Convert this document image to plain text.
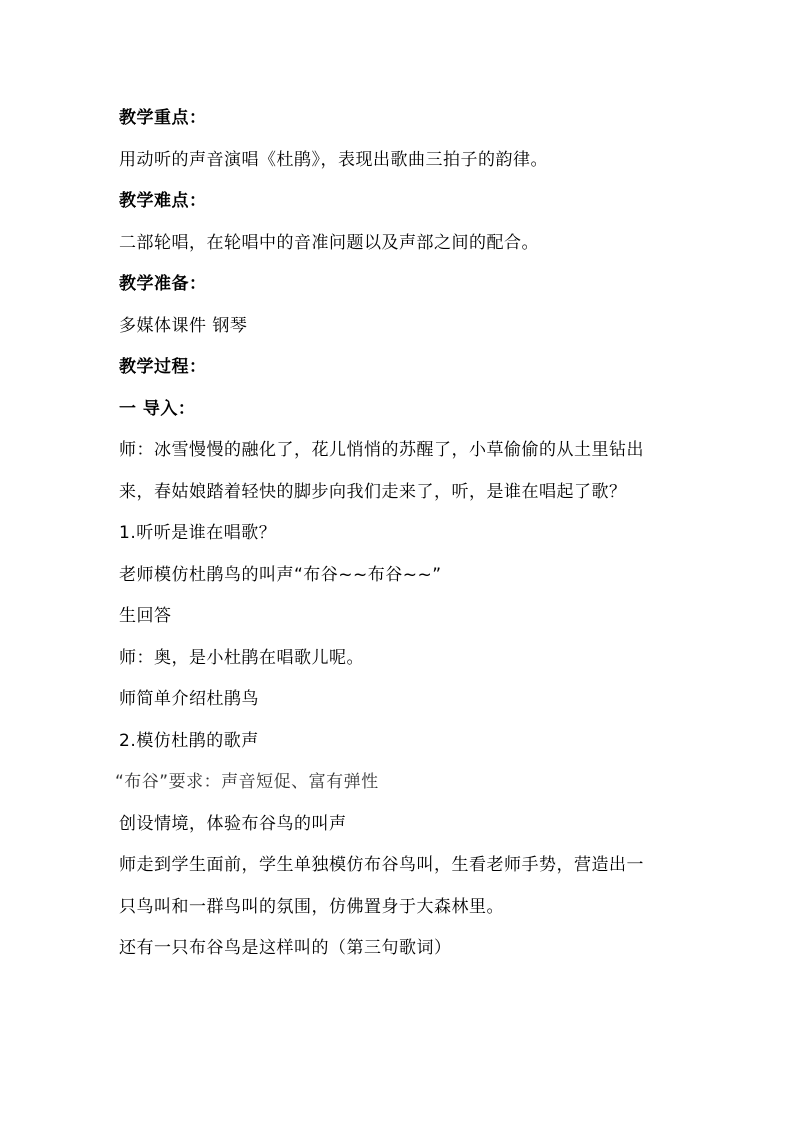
教学重点：
用动听的声音演唱《杜鹃》，表现出歌曲三拍子的韵律。
教学难点：
二部轮唱，在轮唱中的音准问题以及声部之间的配合。
教学准备：
多媒体课件 钢琴
教学过程：
一 导入：
师：冰雪慢慢的融化了，花儿悄悄的苏醒了，小草偷偷的从土里钻出
来，春姑娘踏着轻快的脚步向我们走来了，听，是谁在唱起了歌？
1.听听是谁在唱歌？
老师模仿杜鹃鸟的叫声“布谷~~布谷~~”
生回答
师：奥，是小杜鹃在唱歌儿呢。
师简单介绍杜鹃鸟
2.模仿杜鹃的歌声
“布谷”要求：声音短促、富有弹性
创设情境，体验布谷鸟的叫声
师走到学生面前，学生单独模仿布谷鸟叫，生看老师手势，营造出一
只鸟叫和一群鸟叫的氛围，仿佛置身于大森林里。
还有一只布谷鸟是这样叫的（第三句歌词）
